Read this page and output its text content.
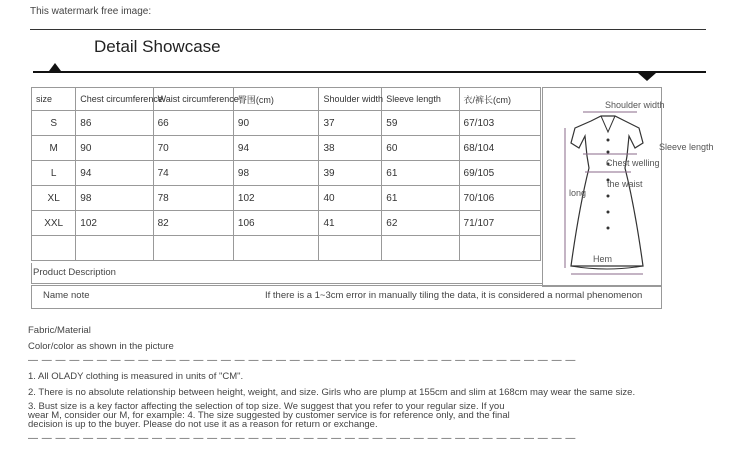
This watermark free image:
Detail Showcase
size	Chest circumference	Waist circumference	臀围(cm)	Shoulder width	Sleeve length	衣/裤长(cm)
S	86	66	90	37	59	67/103
M	90	70	94	38	60	68/104
L	94	74	98	39	61	69/105
XL	98	78	102	40	61	70/106
XXL	102	82	106	41	62	71/107

Shoulder width
Sleeve length
Chest welling
the waist
long
Hem
Product Description
Name note	If there is a 1~3cm error in manually tiling the data, it is considered a normal phenomenon
Fabric/Material
Color/color as shown in the picture
— — — — — — — — — — — — — — — — — — — — — — — — — — — — — — — — — — — — — — — —
1. All OLADY clothing is measured in units of "CM".
2. There is no absolute relationship between height, weight, and size. Girls who are plump at 155cm and slim at 168cm may wear the same size.
3. Bust size is a key factor affecting the selection of top size. We suggest that you refer to your regular size. If you wear M, consider our M, for example: 4. The size suggested by customer service is for reference only, and the final decision is up to the buyer. Please do not use it as a reason for return or exchange.
— — — — — — — — — — — — — — — — — — — — — — — — — — — — — — — — — — — — — — — —
